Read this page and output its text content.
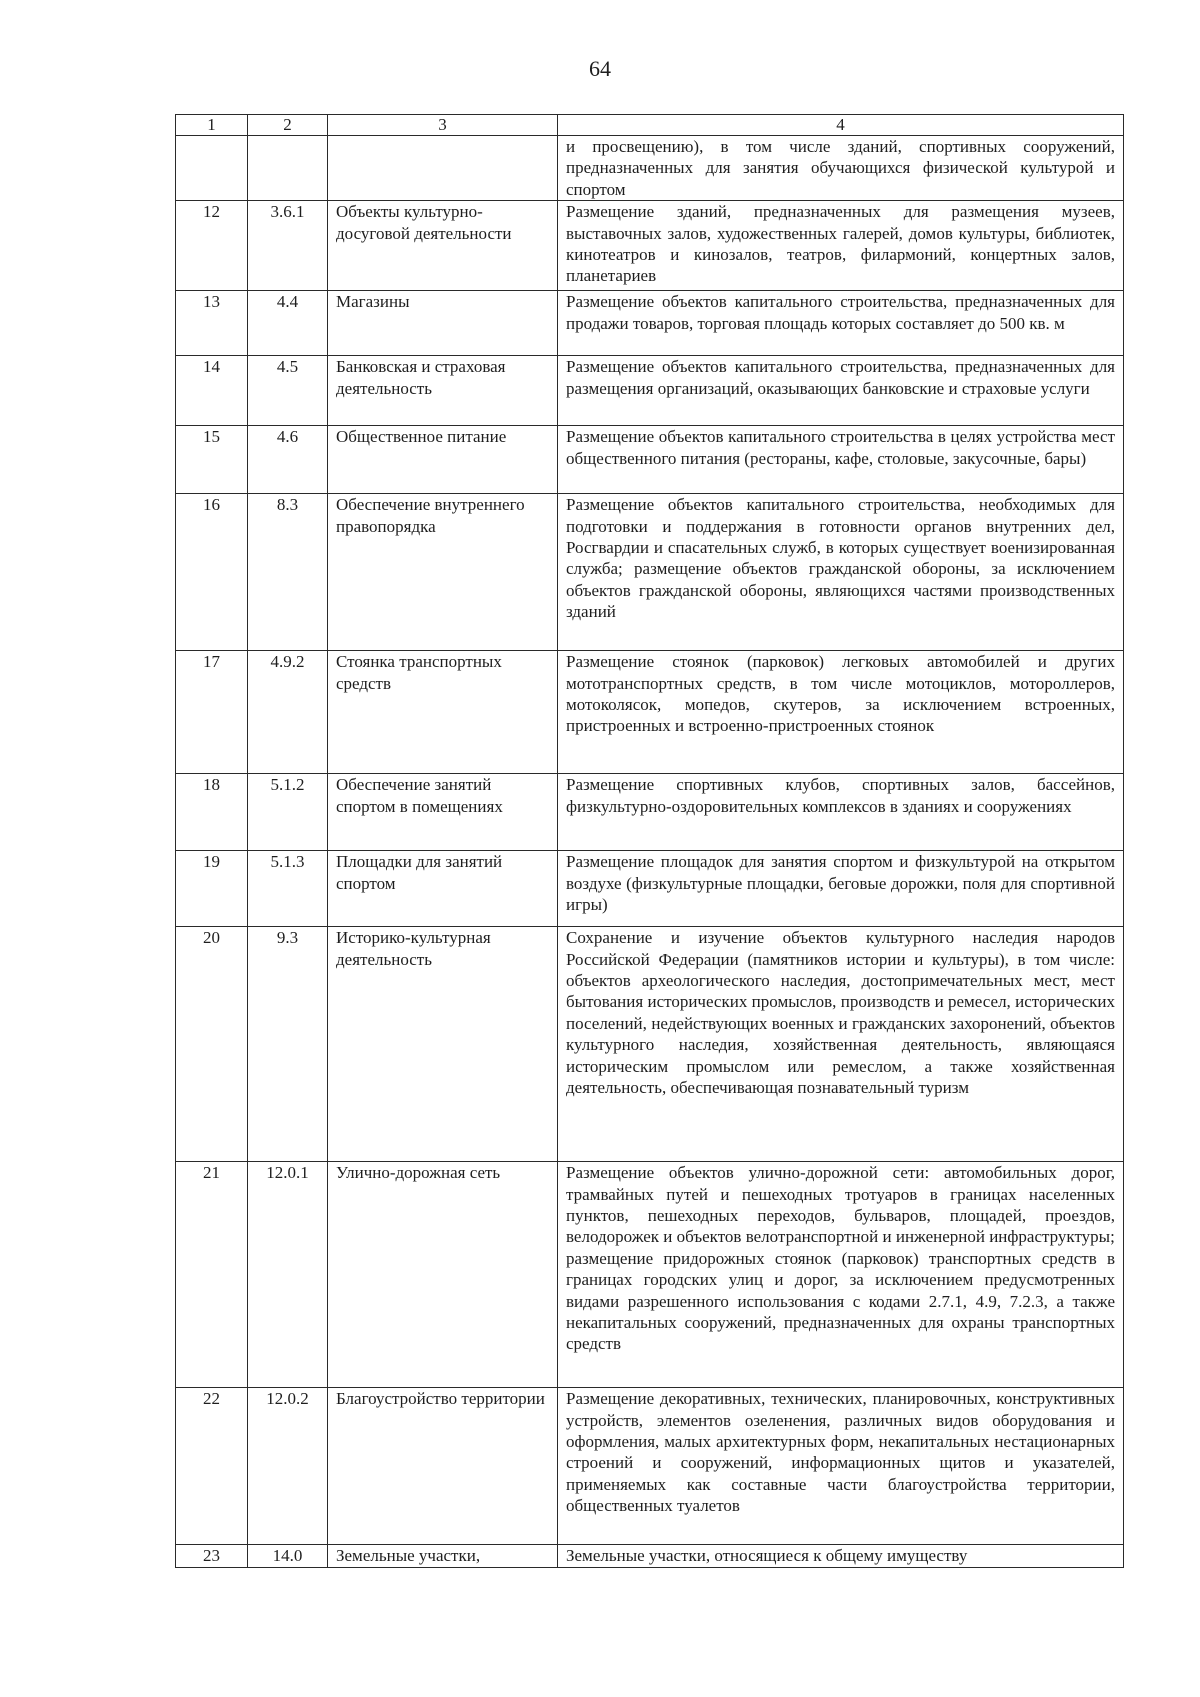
64
1	2	3	4
			и просвещению), в том числе зданий, спортивных сооружений, предназначенных для занятия обучающихся физической культурой и спортом
12	3.6.1	Объекты культурно-досуговой деятельности	Размещение зданий, предназначенных для размещения музеев, выставочных залов, художественных галерей, домов культуры, библиотек, кинотеатров и кинозалов, театров, филармоний, концертных залов, планетариев
13	4.4	Магазины	Размещение объектов капитального строительства, предназначенных для продажи товаров, торговая площадь которых составляет до 500 кв. м
14	4.5	Банковская и страховая деятельность	Размещение объектов капитального строительства, предназначенных для размещения организаций, оказывающих банковские и страховые услуги
15	4.6	Общественное питание	Размещение объектов капитального строительства в целях устройства мест общественного питания (рестораны, кафе, столовые, закусочные, бары)
16	8.3	Обеспечение внутреннего правопорядка	Размещение объектов капитального строительства, необходимых для подготовки и поддержания в готовности органов внутренних дел, Росгвардии и спасательных служб, в которых существует военизированная служба; размещение объектов гражданской обороны, за исключением объектов гражданской обороны, являющихся частями производственных зданий
17	4.9.2	Стоянка транспортных средств	Размещение стоянок (парковок) легковых автомобилей и других мототранспортных средств, в том числе мотоциклов, мотороллеров, мотоколясок, мопедов, скутеров, за исключением встроенных, пристроенных и встроенно-пристроенных стоянок
18	5.1.2	Обеспечение занятий спортом в помещениях	Размещение спортивных клубов, спортивных залов, бассейнов, физкультурно-оздоровительных комплексов в зданиях и сооружениях
19	5.1.3	Площадки для занятий спортом	Размещение площадок для занятия спортом и физкультурой на открытом воздухе (физкультурные площадки, беговые дорожки, поля для спортивной игры)
20	9.3	Историко-культурная деятельность	Сохранение и изучение объектов культурного наследия народов Российской Федерации (памятников истории и культуры), в том числе: объектов археологического наследия, достопримечательных мест, мест бытования исторических промыслов, производств и ремесел, исторических поселений, недействующих военных и гражданских захоронений, объектов культурного наследия, хозяйственная деятельность, являющаяся историческим промыслом или ремеслом, а также хозяйственная деятельность, обеспечивающая познавательный туризм
21	12.0.1	Улично-дорожная сеть	Размещение объектов улично-дорожной сети: автомобильных дорог, трамвайных путей и пешеходных тротуаров в границах населенных пунктов, пешеходных переходов, бульваров, площадей, проездов, велодорожек и объектов велотранспортной и инженерной инфраструктуры;
размещение придорожных стоянок (парковок) транспортных средств в границах городских улиц и дорог, за исключением предусмотренных видами разрешенного использования с кодами 2.7.1, 4.9, 7.2.3, а также некапитальных сооружений, предназначенных для охраны транспортных средств

22	12.0.2	Благоустройство территории	Размещение декоративных, технических, планировочных, конструктивных устройств, элементов озеленения, различных видов оборудования и оформления, малых архитектурных форм, некапитальных нестационарных строений и сооружений, информационных щитов и указателей, применяемых как составные части благоустройства территории, общественных туалетов
23	14.0	Земельные участки,	Земельные участки, относящиеся к общему имуществу
